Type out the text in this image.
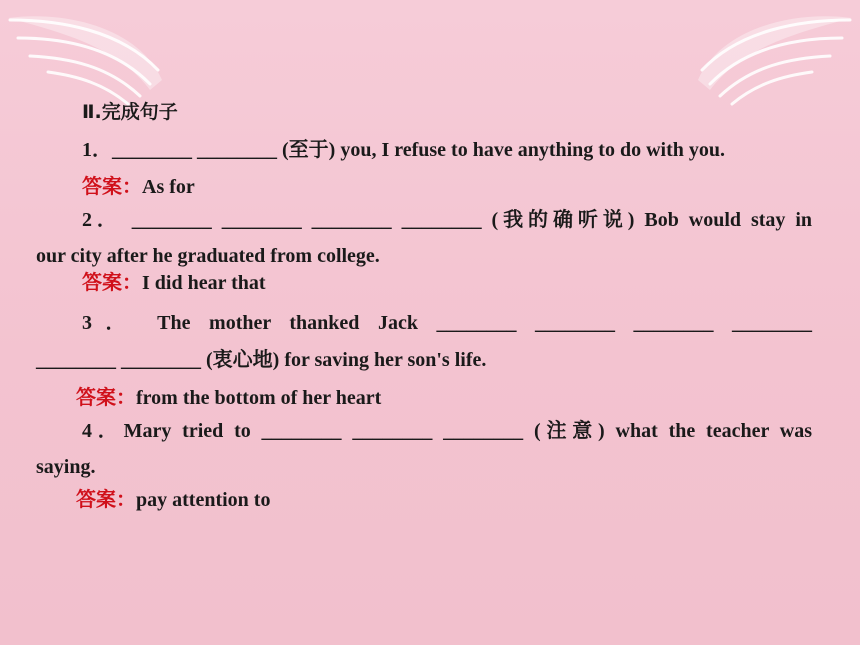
Ⅱ.完成句子
1．________ ________ (至于) you, I refuse to have anything to do with you.
答案：As for
2． ________ ________ ________ ________ (我的确听说) Bob would stay in
our city after he graduated from college.
答案：I did hear that
3． The mother thanked Jack ________ ________ ________ ________
________ ________ (衷心地) for saving her son's life.
答案：from the bottom of her heart
4．Mary tried to ________ ________ ________ (注意) what the teacher was
saying.
答案：pay attention to
